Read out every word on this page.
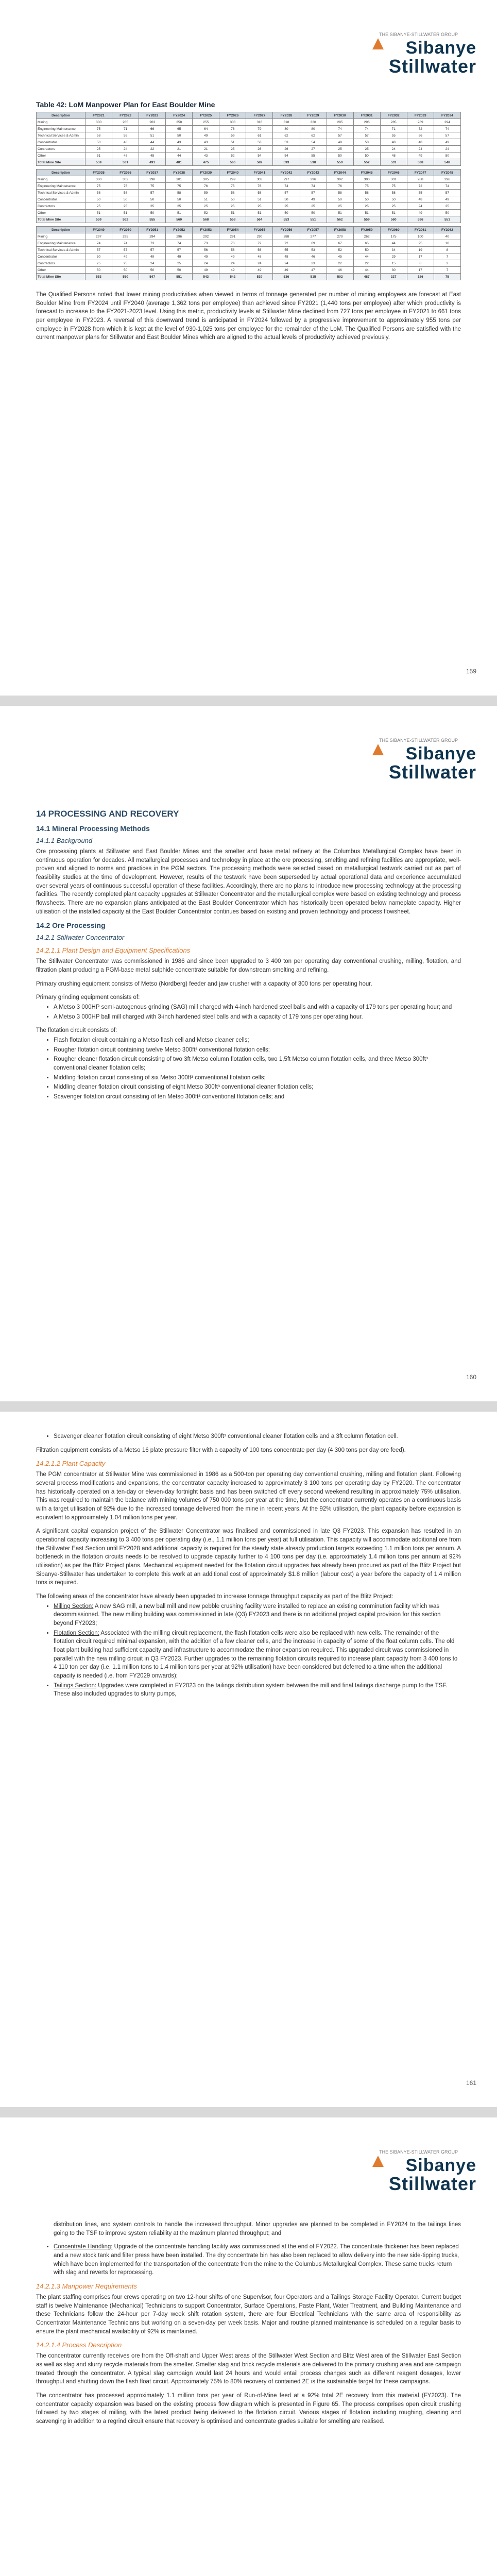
THE SIBANYE-STILLWATER GROUP
Sibanye
Stillwater
Table 42: LoM Manpower Plan for East Boulder Mine
Description	FY2021	FY2022	FY2023	FY2024	FY2025	FY2026	FY2027	FY2028	FY2029	FY2030	FY2031	FY2032	FY2033	FY2034
Mining	300	285	263	258	255	303	316	318	320	295	296	285	289	294
Engineering Maintenance	75	71	66	65	64	76	79	80	80	74	74	71	72	74
Technical Services & Admin	58	55	51	50	49	59	61	62	62	57	57	55	56	57
Concentrator	50	48	44	43	43	51	53	53	54	49	50	48	48	49
Contractors	25	24	22	21	21	25	26	26	27	25	25	24	24	24
Other	51	48	45	44	43	52	54	54	55	50	50	48	49	50
Total Mine Site	559	531	491	481	475	566	589	593	598	550	552	531	538	548
Description	FY2035	FY2036	FY2037	FY2038	FY2039	FY2040	FY2041	FY2042	FY2043	FY2044	FY2045	FY2046	FY2047	FY2048
Mining	300	302	298	301	305	299	303	297	296	302	300	301	288	296
Engineering Maintenance	75	76	75	75	76	75	76	74	74	76	75	75	72	74
Technical Services & Admin	58	58	57	58	59	58	58	57	57	58	58	58	55	57
Concentrator	50	50	50	50	51	50	51	50	49	50	50	50	48	49
Contractors	25	25	25	25	25	25	25	25	25	25	25	25	24	25
Other	51	51	50	51	52	51	51	50	50	51	51	51	49	50
Total Mine Site	559	562	555	560	568	558	564	553	551	562	559	560	536	551
Description	FY2049	FY2050	FY2051	FY2052	FY2053	FY2054	FY2055	FY2056	FY2057	FY2058	FY2059	FY2060	FY2061	FY2062
Mining	297	295	294	296	292	291	290	288	277	270	262	175	100	40
Engineering Maintenance	74	74	73	74	73	73	72	72	69	67	65	44	25	10
Technical Services & Admin	57	57	57	57	56	56	56	55	53	52	50	34	19	8
Concentrator	50	49	49	49	49	49	48	48	46	45	44	29	17	7
Contractors	25	25	24	25	24	24	24	24	23	22	22	15	8	3
Other	50	50	50	50	49	49	49	49	47	46	44	30	17	7
Total Mine Site	553	550	547	551	543	542	539	536	515	502	487	327	186	75

The Qualified Persons noted that lower mining productivities when viewed in terms of tonnage generated per number of mining employees are forecast at East Boulder Mine from FY2024 until FY2040 (average 1,362 tons per employee) than achieved since FY2021 (1,440 tons per employee) after which productivity is forecast to increase to the FY2021-2023 level. Using this metric, productivity levels at Stillwater Mine declined from 727 tons per employee in FY2021 to 661 tons per employee in FY2023. A reversal of this downward trend is anticipated in FY2024 followed by a progressive improvement to approximately 955 tons per employee in FY2028 from which it is kept at the level of 930-1,025 tons per employee for the remainder of the LoM. The Qualified Persons are satisfied with the current manpower plans for Stillwater and East Boulder Mines which are aligned to the actual levels of productivity achieved previously.

159
THE SIBANYE-STILLWATER GROUP
Sibanye
Stillwater
14 PROCESSING AND RECOVERY
14.1 Mineral Processing Methods
14.1.1 Background

Ore processing plants at Stillwater and East Boulder Mines and the smelter and base metal refinery at the Columbus Metallurgical Complex have been in continuous operation for decades. All metallurgical processes and technology in place at the ore processing, smelting and refining facilities are appropriate, well-proven and aligned to norms and practices in the PGM sectors. The processing methods were selected based on metallurgical testwork carried out as part of feasibility studies at the time of development. However, results of the testwork have been superseded by actual operational data and experience accumulated over several years of continuous successful operation of these facilities. Accordingly, there are no plans to introduce new processing technology at the processing facilities. The recently completed plant capacity upgrades at Stillwater Concentrator and the metallurgical complex were based on existing technology and process flowsheets. There are no expansion plans anticipated at the East Boulder Concentrator which has historically been operated below nameplate capacity. Higher utilisation of the installed capacity at the East Boulder Concentrator continues based on existing and proven technology and process flowsheet.

14.2 Ore Processing
14.2.1 Stillwater Concentrator
14.2.1.1 Plant Design and Equipment Specifications

The Stillwater Concentrator was commissioned in 1986 and since been upgraded to 3 400 ton per operating day conventional crushing, milling, flotation, and filtration plant producing a PGM-base metal sulphide concentrate suitable for downstream smelting and refining.

Primary crushing equipment consists of Metso (Nordberg) feeder and jaw crusher with a capacity of 300 tons per operating hour.

Primary grinding equipment consists of:

• A Metso 3 000HP semi-autogenous grinding (SAG) mill charged with 4-inch hardened steel balls and with a capacity of 179 tons per operating hour; and
• A Metso 3 000HP ball mill charged with 3-inch hardened steel balls and with a capacity of 179 tons per operating hour.

The flotation circuit consists of:

• Flash flotation circuit containing a Metso flash cell and Metso cleaner cells;
• Rougher flotation circuit containing twelve Metso 300ft³ conventional flotation cells;
• Rougher cleaner flotation circuit consisting of two 3ft Metso column flotation cells, two 1,5ft Metso column flotation cells, and three Metso 300ft³ conventional cleaner flotation cells;
• Middling flotation circuit consisting of six Metso 300ft³ conventional flotation cells;
• Middling cleaner flotation circuit consisting of eight Metso 300ft³ conventional cleaner flotation cells;
• Scavenger flotation circuit consisting of ten Metso 300ft³ conventional flotation cells; and
160
• Scavenger cleaner flotation circuit consisting of eight Metso 300ft³ conventional cleaner flotation cells and a 3ft column flotation cell.

Filtration equipment consists of a Metso 16 plate pressure filter with a capacity of 100 tons concentrate per day (4 300 tons per day ore feed).

14.2.1.2 Plant Capacity

The PGM concentrator at Stillwater Mine was commissioned in 1986 as a 500-ton per operating day conventional crushing, milling and flotation plant. Following several process modifications and expansions, the concentrator capacity increased to approximately 3 100 tons per operating day by FY2020. The concentrator has historically operated on a ten-day or eleven-day fortnight basis and has been switched off every second weekend resulting in approximately 75% utilisation. This was required to maintain the balance with mining volumes of 750 000 tons per year at the time, but the concentrator currently operates on a continuous basis with a target utilisation of 92% due to the increased tonnage delivered from the mine in recent years. At the 92% utilisation, the plant capacity before expansion is equivalent to approximately 1.04 million tons per year.

A significant capital expansion project of the Stillwater Concentrator was finalised and commissioned in late Q3 FY2023. This expansion has resulted in an operational capacity increasing to 3 400 tons per operating day (i.e., 1.1 million tons per year) at full utilisation. This capacity will accommodate additional ore from the Stillwater East Section until FY2028 and additional capacity is required for the steady state already production targets exceeding 1.1 million tons per annum. A bottleneck in the flotation circuits needs to be resolved to upgrade capacity further to 4 100 tons per day (i.e. approximately 1.4 million tons per annum at 92% utilisation) as per the Blitz Project plans. Mechanical equipment needed for the flotation circuit upgrades has already been procured as part of the Blitz Project but Sibanye-Stillwater has undertaken to complete this work at an additional cost of approximately $1.8 million (labour cost) a year before the capacity of 1.4 million tons is required.

The following areas of the concentrator have already been upgraded to increase tonnage throughput capacity as part of the Blitz Project:

• Milling Section: A new SAG mill, a new ball mill and new pebble crushing facility were installed to replace an existing comminution facility which was decommissioned. The new milling building was commissioned in late (Q3) FY2023 and there is no additional project capital provision for this section beyond FY2023;
• Flotation Section: Associated with the milling circuit replacement, the flash flotation cells were also be replaced with new cells. The remainder of the flotation circuit required minimal expansion, with the addition of a few cleaner cells, and the increase in capacity of some of the float column cells. The old float plant building had sufficient capacity and infrastructure to accommodate the minor expansion required. This upgraded circuit was commissioned in parallel with the new milling circuit in Q3 FY2023. Further upgrades to the remaining flotation circuits required to increase plant capacity from 3 400 tons to 4 110 ton per day (i.e. 1.1 million tons to 1.4 million tons per year at 92% utilisation) have been considered but deferred to a time when the additional capacity is needed (i.e. from FY2029 onwards);
• Tailings Section: Upgrades were completed in FY2023 on the tailings distribution system between the mill and final tailings discharge pump to the TSF. These also included upgrades to slurry pumps,
161
THE SIBANYE-STILLWATER GROUP
Sibanye
Stillwater

distribution lines, and system controls to handle the increased throughput. Minor upgrades are planned to be completed in FY2024 to the tailings lines going to the TSF to improve system reliability at the maximum planned throughput; and

• Concentrate Handling: Upgrade of the concentrate handling facility was commissioned at the end of FY2022. The concentrate thickener has been replaced and a new stock tank and filter press have been installed. The dry concentrate bin has also been replaced to allow delivery into the new side-tipping trucks, which have been implemented for the transportation of the concentrate from the mine to the Columbus Metallurgical Complex. These same trucks return with slag and reverts for reprocessing.
14.2.1.3 Manpower Requirements

The plant staffing comprises four crews operating on two 12-hour shifts of one Supervisor, four Operators and a Tailings Storage Facility Operator. Current budget staff is twelve Maintenance (Mechanical) Technicians to support Concentrator, Surface Operations, Paste Plant, Water Treatment, and Building Maintenance and these Technicians follow the 24-hour per 7-day week shift rotation system, there are four Electrical Technicians with the same area of responsibility as Concentrator Maintenance Technicians but working on a seven-day per week basis. Major and routine planned maintenance is scheduled on a regular basis to ensure the plant mechanical availability of 92% is maintained.

14.2.1.4 Process Description

The concentrator currently receives ore from the Off-shaft and Upper West areas of the Stillwater West Section and Blitz West area of the Stillwater East Section as well as slag and slurry recycle materials from the smelter. Smelter slag and brick recycle materials are delivered to the primary crushing area and are campaign treated through the concentrator. A typical slag campaign would last 24 hours and would entail process changes such as different reagent dosages, lower throughput and shutting down the flash float circuit. Approximately 75% to 80% recovery of contained 2E is the sustainable target for these campaigns.

The concentrator has processed approximately 1.1 million tons per year of Run-of-Mine feed at a 92% total 2E recovery from this material (FY2023). The concentrator capacity expansion was based on the existing process flow diagram which is presented in Figure 65. The process comprises open circuit crushing followed by two stages of milling, with the latest product being delivered to the flotation circuit. Various stages of flotation including roughing, cleaning and scavenging in addition to a regrind circuit ensure that recovery is optimised and concentrate grades suitable for smelting are realised.
